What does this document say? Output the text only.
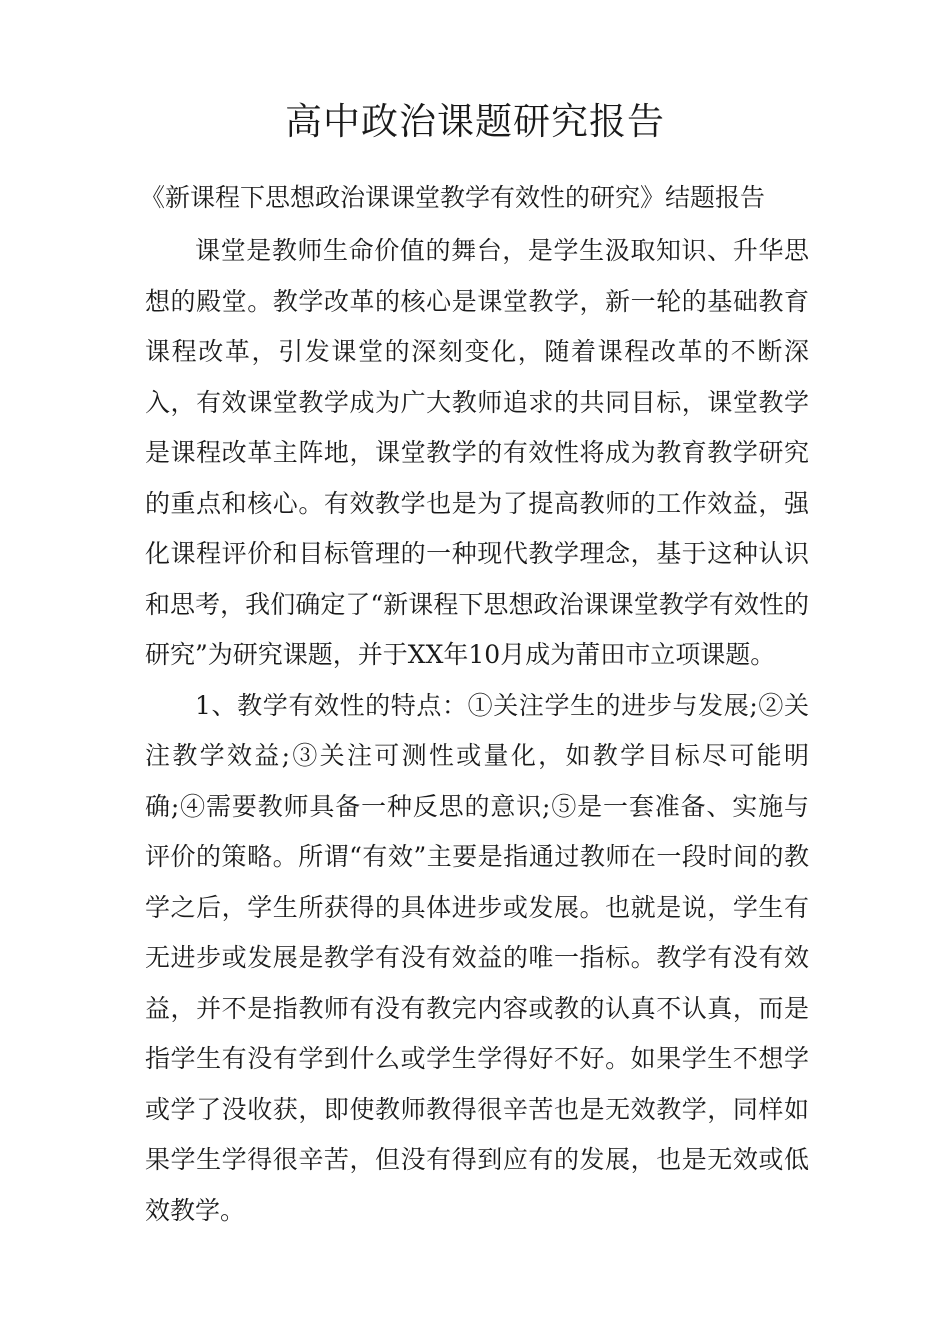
高中政治课题研究报告
《新课程下思想政治课课堂教学有效性的研究》结题报告

课堂是教师生命价值的舞台，是学生汲取知识、升华思想的殿堂。教学改革的核心是课堂教学，新一轮的基础教育课程改革，引发课堂的深刻变化，随着课程改革的不断深入，有效课堂教学成为广大教师追求的共同目标，课堂教学是课程改革主阵地，课堂教学的有效性将成为教育教学研究的重点和核心。有效教学也是为了提高教师的工作效益，强化课程评价和目标管理的一种现代教学理念，基于这种认识和思考，我们确定了“新课程下思想政治课课堂教学有效性的研究”为研究课题，并于XX年10月成为莆田市立项课题。

1、教学有效性的特点：①关注学生的进步与发展;②关注教学效益;③关注可测性或量化，如教学目标尽可能明确;④需要教师具备一种反思的意识;⑤是一套准备、实施与评价的策略。所谓“有效”主要是指通过教师在一段时间的教学之后，学生所获得的具体进步或发展。也就是说，学生有无进步或发展是教学有没有效益的唯一指标。教学有没有效益，并不是指教师有没有教完内容或教的认真不认真，而是指学生有没有学到什么或学生学得好不好。如果学生不想学或学了没收获，即使教师教得很辛苦也是无效教学，同样如果学生学得很辛苦，但没有得到应有的发展，也是无效或低效教学。
